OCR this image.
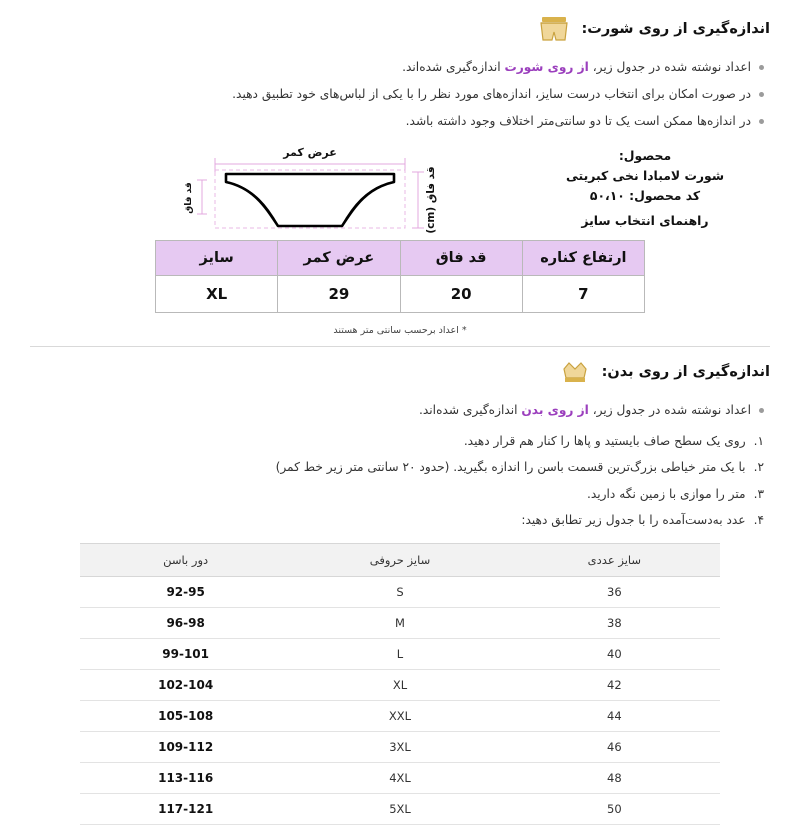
اندازه‌گیری از روی شورت:
اعداد نوشته شده در جدول زیر، از روی شورت اندازه‌گیری شده‌اند.
در صورت امکان برای انتخاب درست سایز، اندازه‌های مورد نظر را با یکی از لباس‌های خود تطبیق دهید.
در اندازه‌ها ممکن است یک تا دو سانتی‌متر اختلاف وجود داشته باشد.
محصول:
شورت لامبادا نخی کبریتی
کد محصول: ۵۰،۱۰
راهنمای انتخاب سایز
عرض کمر
قد فاق (cm)
قد فاق
ارتفاع کناره	قد فاق	عرض کمر	سایز
7	20	29	XL
* اعداد برحسب سانتی متر هستند
اندازه‌گیری از روی بدن:
اعداد نوشته شده در جدول زیر، از روی بدن اندازه‌گیری شده‌اند.
۱.
روی یک سطح صاف بایستید و پاها را کنار هم قرار دهید.
۲.
با یک متر خیاطی بزرگ‌ترین قسمت باسن را اندازه بگیرید. (حدود ۲۰ سانتی متر زیر خط کمر)
۳.
متر را موازی با زمین نگه دارید.
۴.
عدد به‌دست‌آمده را با جدول زیر تطابق دهید:
سایز عددی	سایز حروفی	دور باسن
36	S	92-95
38	M	96-98
40	L	99-101
42	XL	102-104
44	XXL	105-108
46	3XL	109-112
48	4XL	113-116
50	5XL	117-121
